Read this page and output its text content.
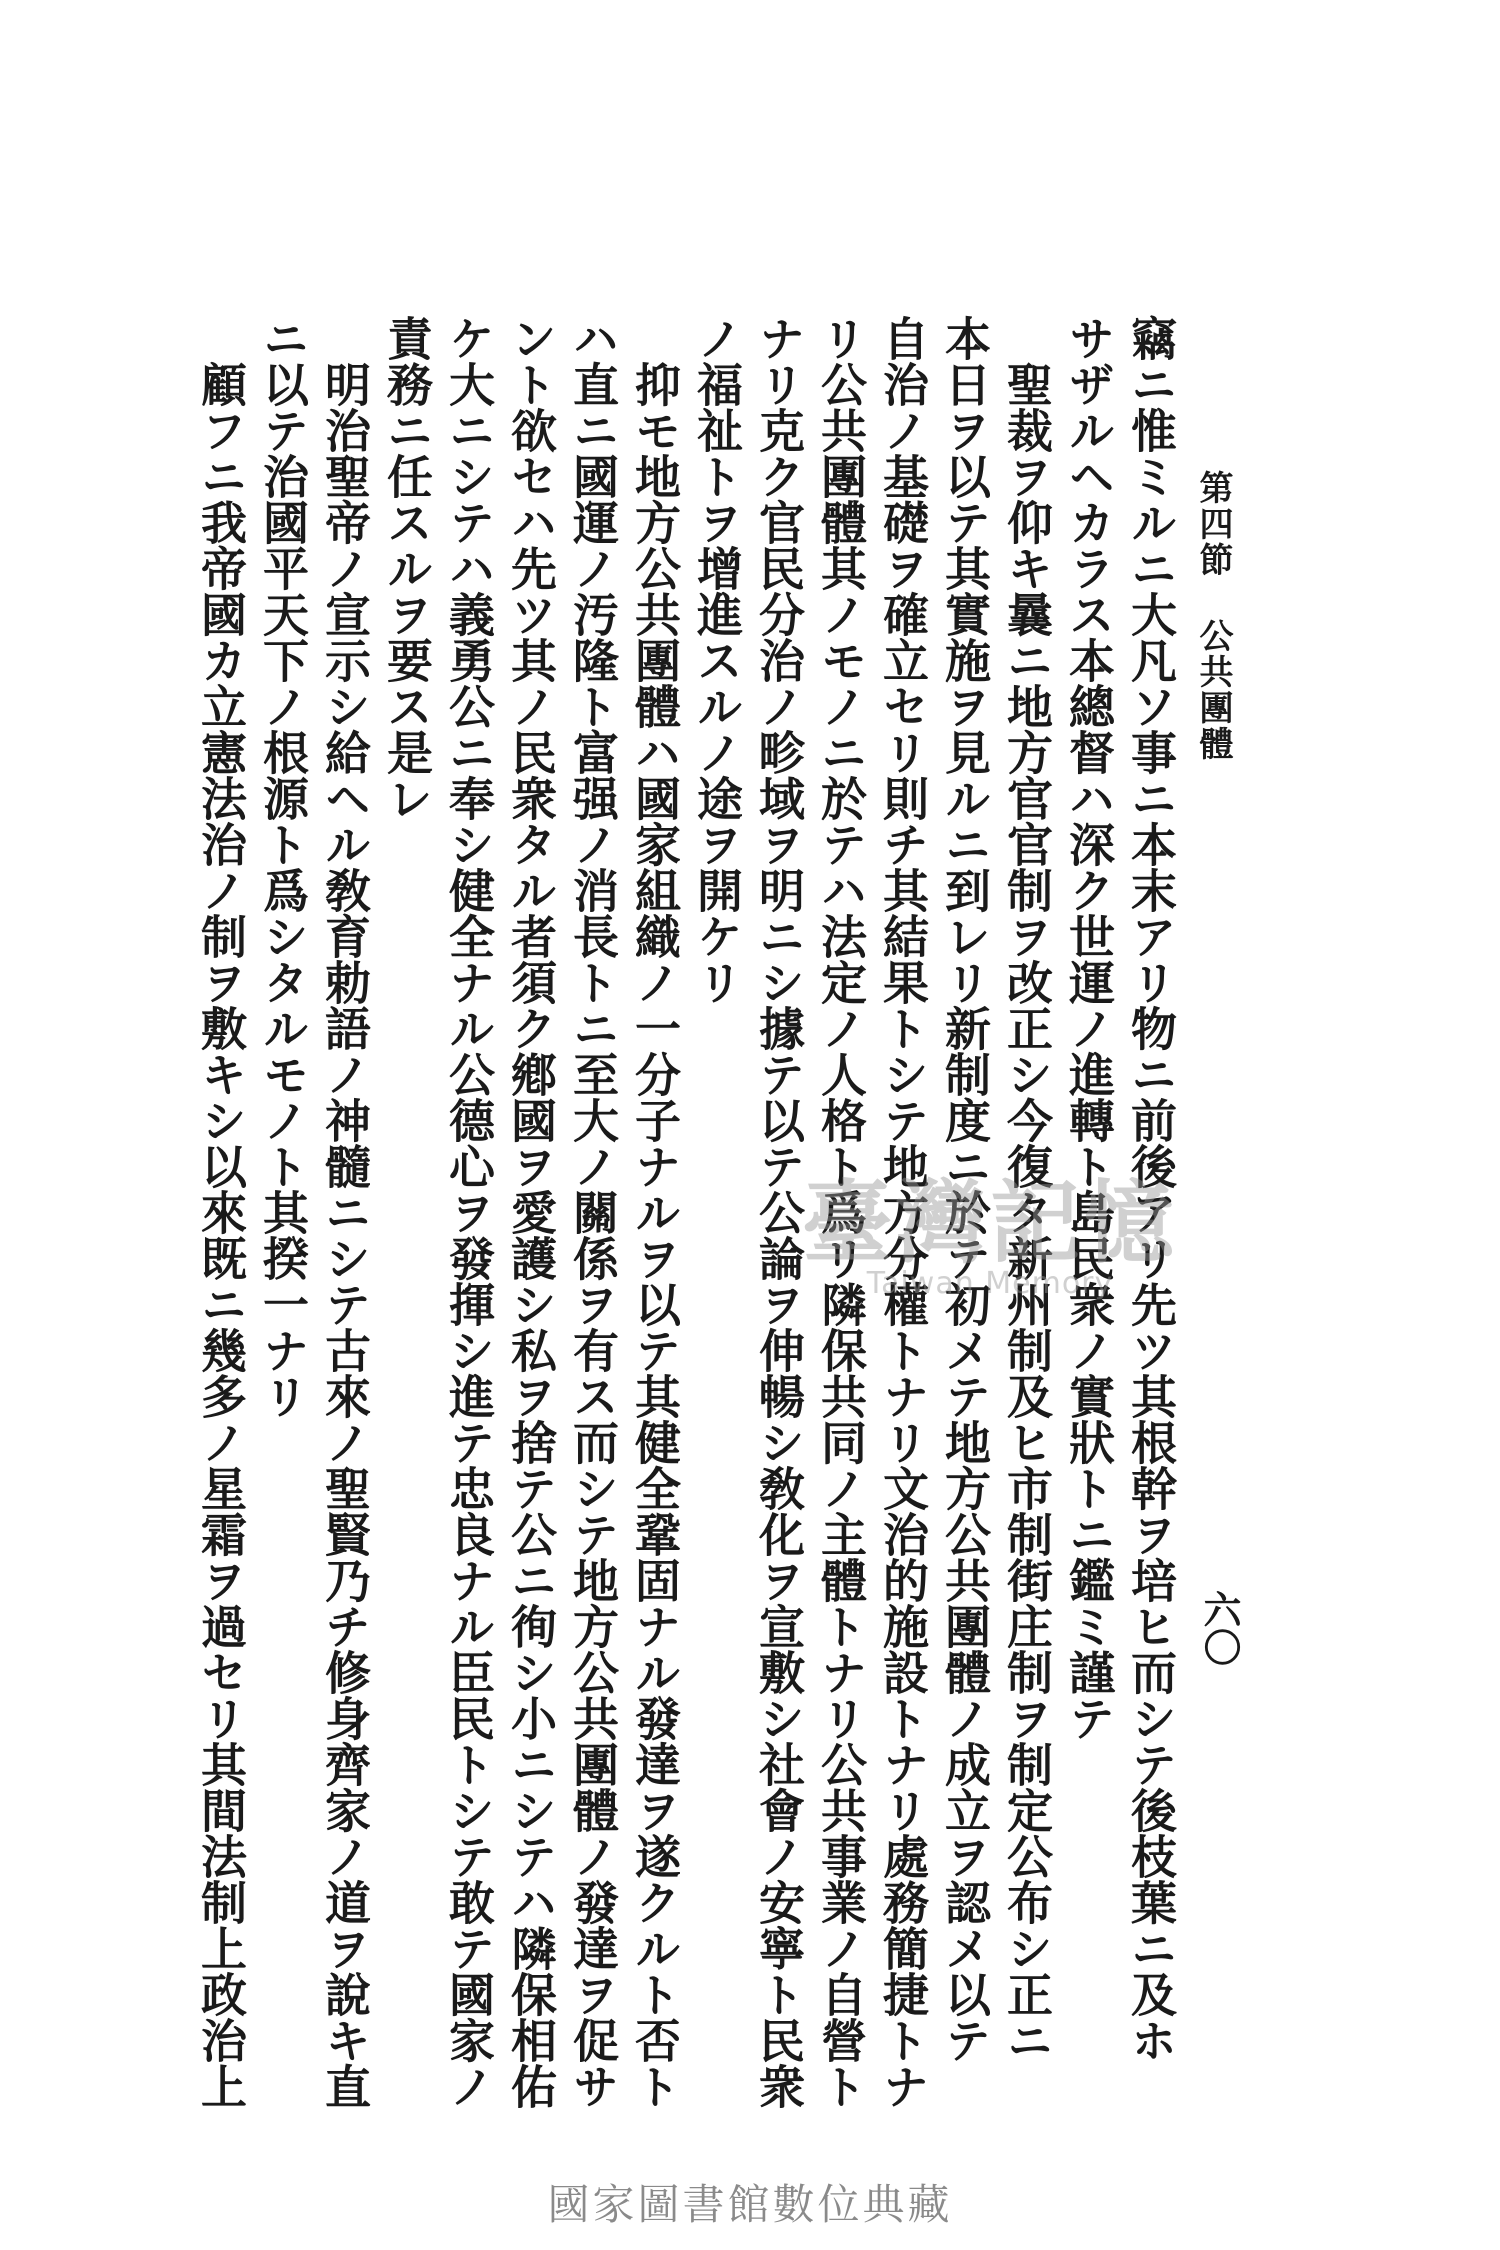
第四節公共團體
六〇
竊ニ惟ミルニ大凡ソ事ニ本末アリ物ニ前後アリ先ツ其根幹ヲ培ヒ而シテ後枝葉ニ及ホ
サザルヘカラス本總督ハ深ク世運ノ進轉ト島民衆ノ實狀トニ鑑ミ謹テ
聖裁ヲ仰キ曩ニ地方官官制ヲ改正シ今復タ新州制及ヒ市制街庄制ヲ制定公布シ正ニ
本日ヲ以テ其實施ヲ見ルニ到レリ新制度ニ於テ初メテ地方公共團體ノ成立ヲ認メ以テ
自治ノ基礎ヲ確立セリ則チ其結果トシテ地方分權トナリ文治的施設トナリ處務簡捷トナ
リ公共團體其ノモノニ於テハ法定ノ人格ト爲リ隣保共同ノ主體トナリ公共事業ノ自營ト
ナリ克ク官民分治ノ畛域ヲ明ニシ據テ以テ公論ヲ伸暢シ敎化ヲ宣敷シ社會ノ安寧ト民衆
ノ福祉トヲ增進スルノ途ヲ開ケリ
抑モ地方公共團體ハ國家組織ノ一分子ナルヲ以テ其健全鞏固ナル發達ヲ遂クルト否ト
ハ直ニ國運ノ汚隆ト富强ノ消長トニ至大ノ關係ヲ有ス而シテ地方公共團體ノ發達ヲ促サ
ント欲セハ先ツ其ノ民衆タル者須ク鄕國ヲ愛護シ私ヲ捨テ公ニ徇シ小ニシテハ隣保相佑
ケ大ニシテハ義勇公ニ奉シ健全ナル公德心ヲ發揮シ進テ忠良ナル臣民トシテ敢テ國家ノ
責務ニ任スルヲ要ス是レ
明治聖帝ノ宣示シ給ヘル敎育勅語ノ神髓ニシテ古來ノ聖賢乃チ修身齊家ノ道ヲ說キ直
ニ以テ治國平天下ノ根源ト爲シタルモノト其揆一ナリ
顧フニ我帝國カ立憲法治ノ制ヲ敷キシ以來既ニ幾多ノ星霜ヲ過セリ其間法制上政治上	臺灣記憶
Taiwan Memory
國家圖書館數位典藏
